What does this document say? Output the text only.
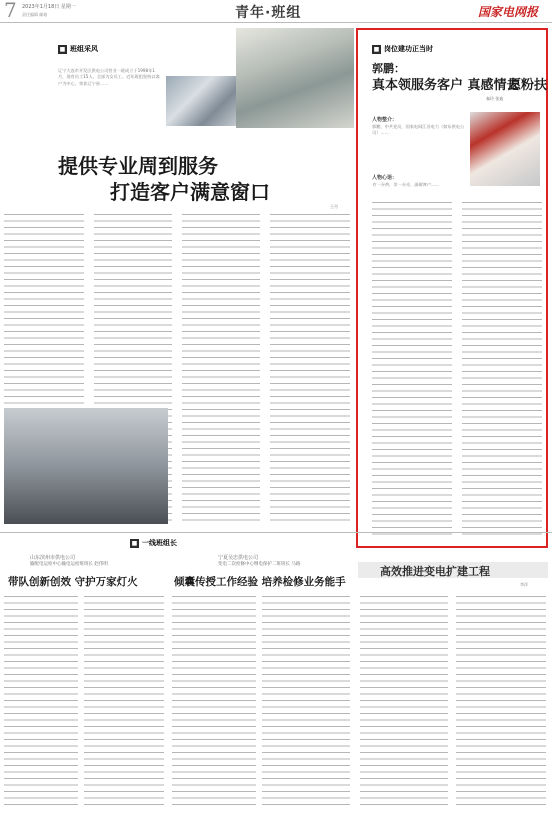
7 2023年1月18日 星期一
责任编辑 邮箱	青年·班组	国家电网报
■ 班组采风
辽宁大连市开发区供电公司营业一班成立于1998年1月，现有员工15人，全部为女员工。近年班组坚持以客户为中心，荣获辽宁省……
提供专业周到服务
打造客户满意窗口
王丹
■ 岗位建功正当时
郭鹏：
真本领服务客户 真感情去
愿粉扶
秦玲 张迪
人物整介：
郭鹏，中共党员，国家电网江苏电力（如东供电公司）……
人物心语：
有一分热，发一分光，温暖客户……
■ 一线班组长
山东滨州市供电公司
输配电运检中心输电运检班班长 赵伟明
带队创新创效 守护万家灯火
宁夏吴忠供电公司
变电二次检修中心继电保护二班班长 马路
倾囊传授工作经验 培养检修业务能手
高效推进变电扩建工程
李洋
